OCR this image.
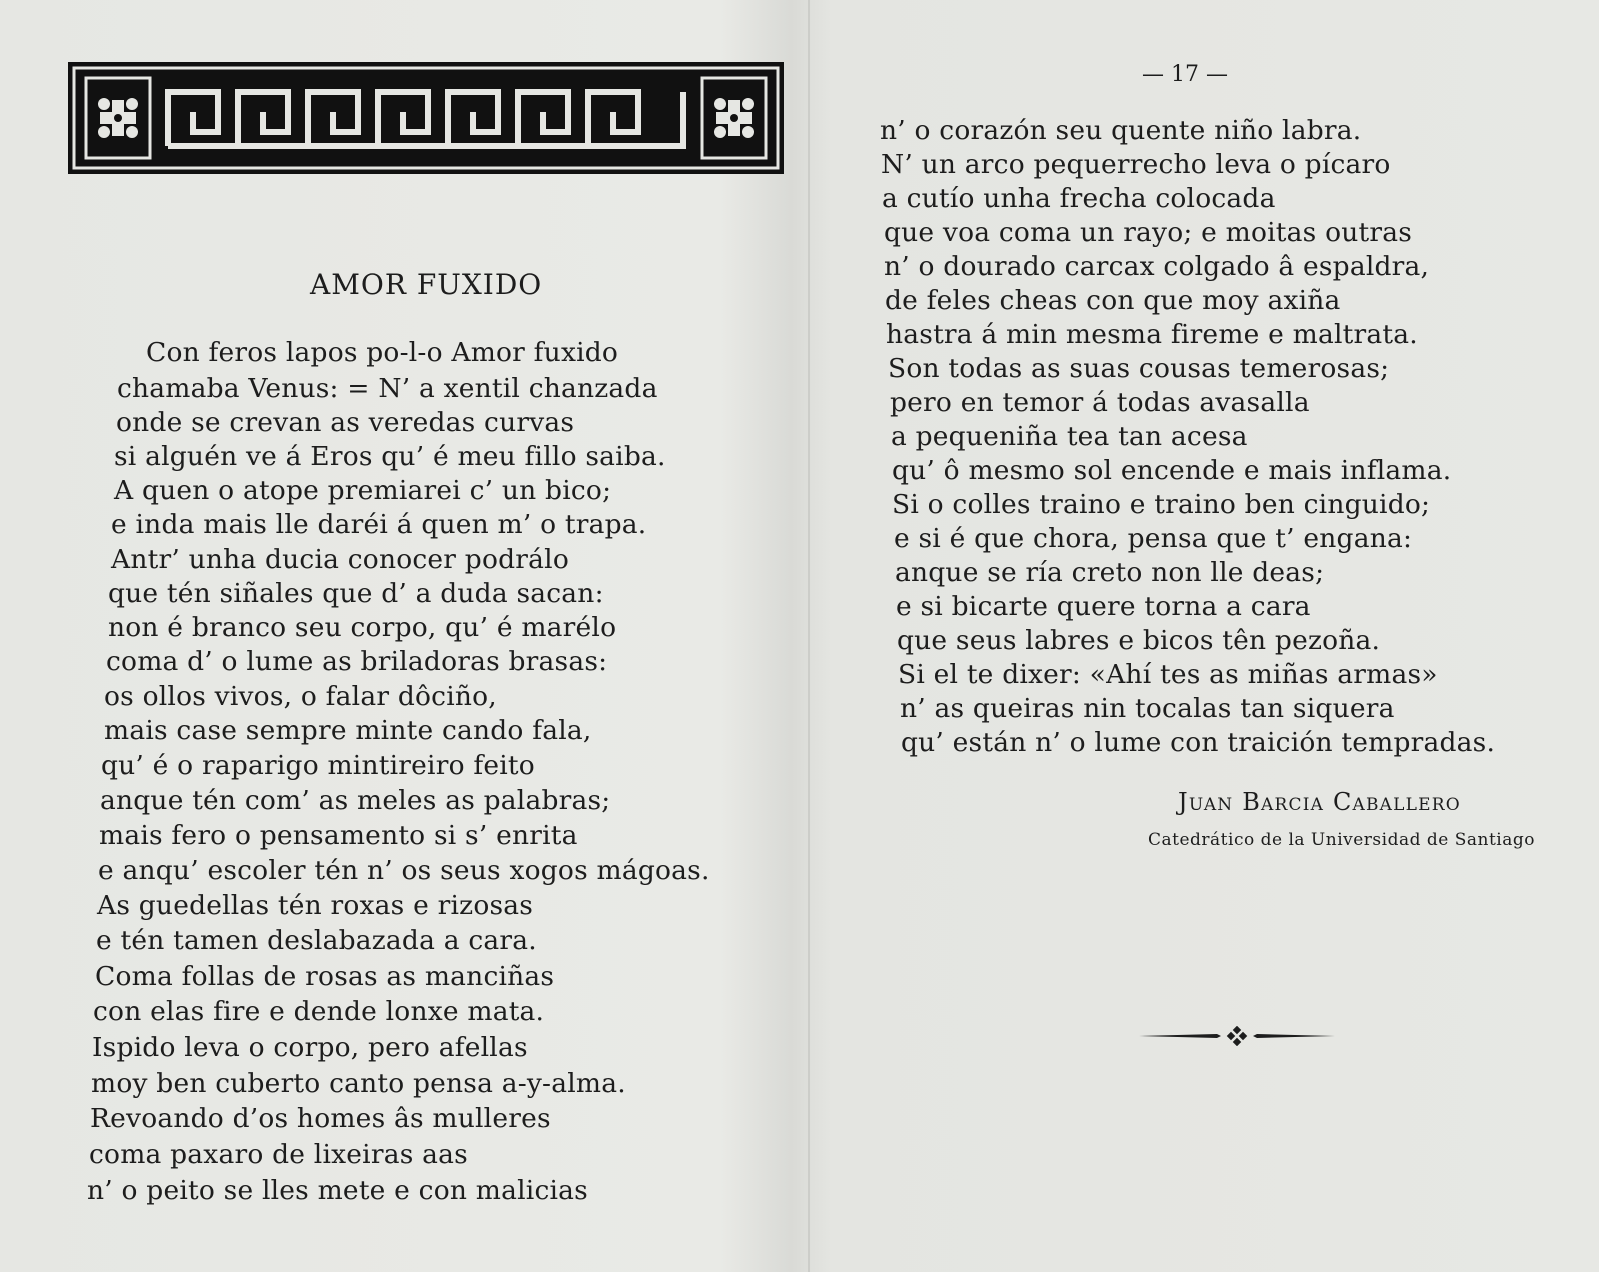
AMOR FUXIDO
Con feros lapos po-l-o Amor fuxido
chamaba Venus: = N’ a xentil chanzada
onde se crevan as veredas curvas
si alguén ve á Eros qu’ é meu fillo saiba.
A quen o atope premiarei c’ un bico;
e inda mais lle daréi á quen m’ o trapa.
Antr’ unha ducia conocer podrálo
que tén siñales que d’ a duda sacan:
non é branco seu corpo, qu’ é marélo
coma d’ o lume as briladoras brasas:
os ollos vivos, o falar dôciño,
mais case sempre minte cando fala,
qu’ é o raparigo mintireiro feito
anque tén com’ as meles as palabras;
mais fero o pensamento si s’ enrita
e anqu’ escoler tén n’ os seus xogos mágoas.
As guedellas tén roxas e rizosas
e tén tamen deslabazada a cara.
Coma follas de rosas as manciñas
con elas fire e dende lonxe mata.
Ispido leva o corpo, pero afellas
moy ben cuberto canto pensa a-y-alma.
Revoando d’os homes âs mulleres
coma paxaro de lixeiras aas
n’ o peito se lles mete e con malicias
— 17 —
n’ o corazón seu quente niño labra.
N’ un arco pequerrecho leva o pícaro
a cutío unha frecha colocada
que voa coma un rayo; e moitas outras
n’ o dourado carcax colgado â espaldra,
de feles cheas con que moy axiña
hastra á min mesma fireme e maltrata.
Son todas as suas cousas temerosas;
pero en temor á todas avasalla
a pequeniña tea tan acesa
qu’ ô mesmo sol encende e mais inflama.
Si o colles traino e traino ben cinguido;
e si é que chora, pensa que t’ engana:
anque se ría creto non lle deas;
e si bicarte quere torna a cara
que seus labres e bicos tên pezoña.
Si el te dixer: «Ahí tes as miñas armas»
n’ as queiras nin tocalas tan siquera
qu’ están n’ o lume con traición tempradas.
Juan Barcia Caballero
Catedrático de la Universidad de Santiago
